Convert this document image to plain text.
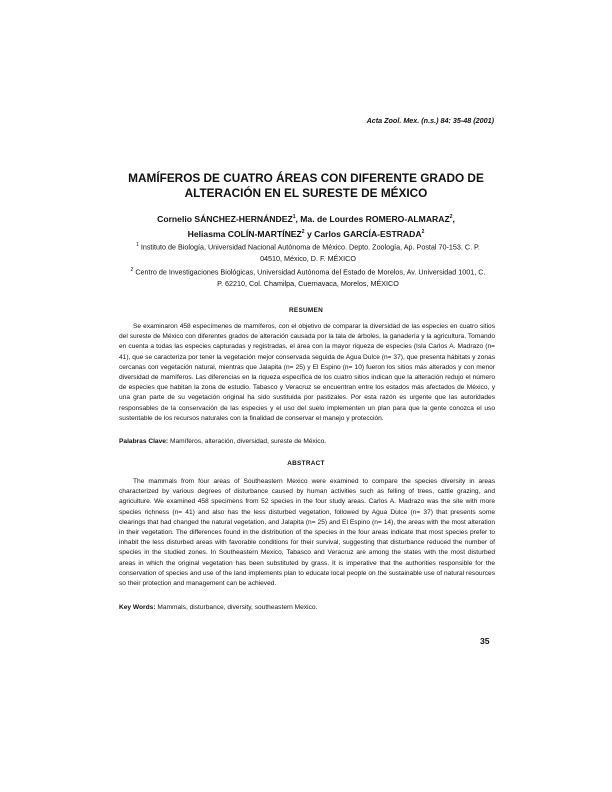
Acta Zool. Mex. (n.s.) 84: 35-48 (2001)
MAMÍFEROS DE CUATRO ÁREAS CON DIFERENTE GRADO DE
ALTERACIÓN EN EL SURESTE DE MÉXICO
Cornelio SÁNCHEZ-HERNÁNDEZ$^1$, Ma. de Lourdes ROMERO-ALMARAZ$^2$,
Heliasma COLÍN-MARTÍNEZ$^2$ y Carlos GARCÍA-ESTRADA$^2$
$^1$ Instituto de Biología, Universidad Nacional Autónoma de México. Depto. Zoología, Ap. Postal 70-153. C. P. 04510, México, D. F. MÉXICO
$^2$ Centro de Investigaciones Biológicas, Universidad Autónoma del Estado de Morelos, Av. Universidad 1001, C. P. 62210, Col. Chamilpa, Cuernavaca, Morelos, MÉXICO
RESUMEN
Se examinaron 458 especímenes de mamíferos, con el objetivo de comparar la diversidad de las especies en cuatro sitios del sureste de México con diferentes grados de alteración causada por la tala de árboles, la ganadería y la agricultura. Tomando en cuenta a todas las especies capturadas y registradas, el área con la mayor riqueza de especies (Isla Carlos A. Madrazo (n= 41), que se caracteriza por tener la vegetación mejor conservada seguida de Agua Dulce (n= 37), que presenta hábitats y zonas cercanas con vegetación natural, mientras que Jalapita (n= 25) y El Espino (n= 10) fueron los sitios más alterados y con menor diversidad de mamíferos. Las diferencias en la riqueza específica de los cuatro sitios indican que la alteración redujo el número de especies que habitan la zona de estudio. Tabasco y Veracruz se encuentran entre los estados más afectados de México, y una gran parte de su vegetación original ha sido sustituida por pastizales. Por esta razón es urgente que las autoridades responsables de la conservación de las especies y el uso del suelo implementen un plan para que la gente conozca el uso sustentable de los recursos naturales con la finalidad de conservar el manejo y protección.
Palabras Clave: Mamíferos, alteración, diversidad, sureste de México.
ABSTRACT
The mammals from four areas of Southeastern Mexico were examined to compare the species diversity in areas characterized by various degrees of disturbance caused by human activities such as felling of trees, cattle grazing, and agriculture. We examined 458 specimens from 52 species in the four study areas. Carlos A. Madrazo was the site with more species richness (n= 41) and also has the less disturbed vegetation, followed by Agua Dulce (n= 37) that presents some clearings that had changed the natural vegetation, and Jalapita (n= 25) and El Espino (n= 14), the areas with the most alteration in their vegetation. The differences found in the distribution of the species in the four areas indicate that most species prefer to inhabit the less disturbed areas with favorable conditions for their survival, suggesting that disturbance reduced the number of species in the studied zones. In Southeastern Mexico, Tabasco and Veracruz are among the states with the most disturbed areas in which the original vegetation has been substituted by grass. It is imperative that the authorities responsible for the conservation of species and use of the land implements plan to educate local people on the sustainable use of natural resources so their protection and management can be achieved.
Key Words: Mammals, disturbance, diversity, southeastern Mexico.
35
